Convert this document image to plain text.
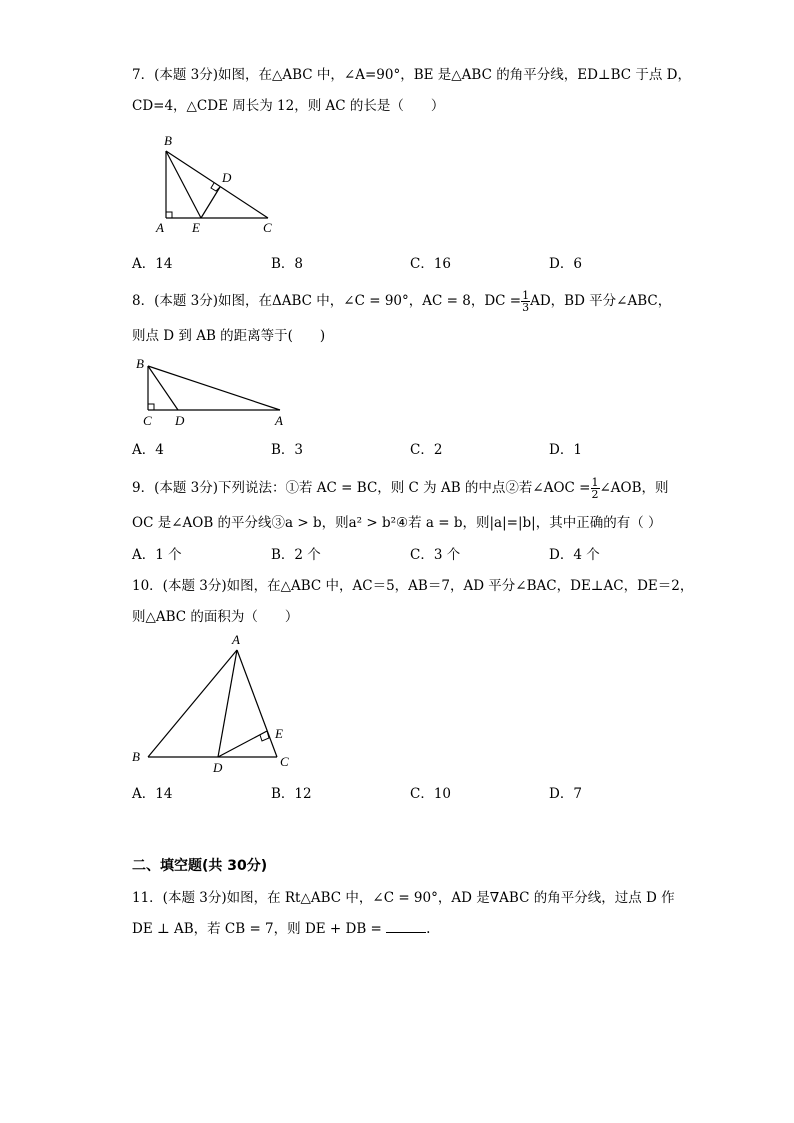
7．(本题 3分)如图，在△ABC 中，∠A=90°，BE 是△ABC 的角平分线，ED⊥BC 于点 D，
CD=4，△CDE 周长为 12，则 AC 的长是（　　）
B
D
A E	C
A．14	B．8	C．16	D．6
8．(本题 3分)如图，在ΔABC 中，∠C = 90°，AC = 8，DC = $\frac{1}{3}$ AD，BD 平分∠ABC，
则点 D 到 AB 的距离等于(　　)
B
C D	A
A．4	B．3	C．2	D．1
9．(本题 3分)下列说法：①若 AC = BC，则 C 为 AB 的中点②若∠AOC = $\frac{1}{2}$ ∠AOB，则
OC 是∠AOB 的平分线③a > b，则a² > b²④若 a = b，则|a|=|b|，其中正确的有（ ）
A．1 个	B．2 个	C．3 个	D．4 个
10．(本题 3分)如图，在△ABC 中，AC＝5，AB＝7，AD 平分∠BAC，DE⊥AC，DE＝2，
则△ABC 的面积为（　　）
A
E
B
D	C
A．14	B．12	C．10	D．7
二、填空题(共 30分)
11．(本题 3分)如图，在 Rt△ABC 中，∠C = 90°，AD 是∇ABC 的角平分线，过点 D 作
DE ⊥ AB，若 CB = 7，则 DE + DB =	.
